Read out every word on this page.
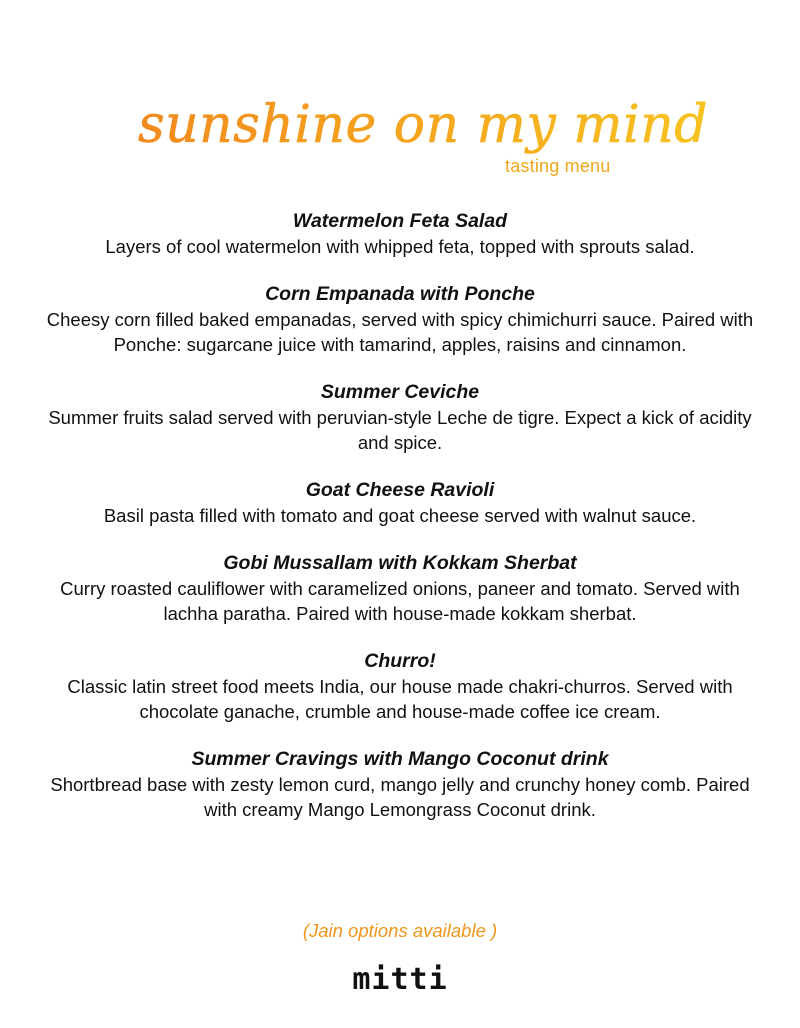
sunshine on my mind
tasting menu
Watermelon Feta Salad
Layers of cool watermelon with whipped feta, topped with sprouts salad.
Corn Empanada with Ponche
Cheesy corn filled baked empanadas, served with spicy chimichurri sauce. Paired with Ponche: sugarcane juice with tamarind, apples, raisins and cinnamon.
Summer Ceviche
Summer fruits salad served with peruvian-style Leche de tigre. Expect a kick of acidity and spice.
Goat Cheese Ravioli
Basil pasta filled with tomato and goat cheese served with walnut sauce.
Gobi Mussallam with Kokkam Sherbat
Curry roasted cauliflower with caramelized onions, paneer and tomato. Served with lachha paratha. Paired with house-made kokkam sherbat.
Churro!
Classic latin street food meets India, our house made chakri-churros. Served with chocolate ganache, crumble and house-made coffee ice cream.
Summer Cravings with Mango Coconut drink
Shortbread base with zesty lemon curd, mango jelly and crunchy honey comb. Paired with creamy Mango Lemongrass Coconut drink.
(Jain options available )
mitti
